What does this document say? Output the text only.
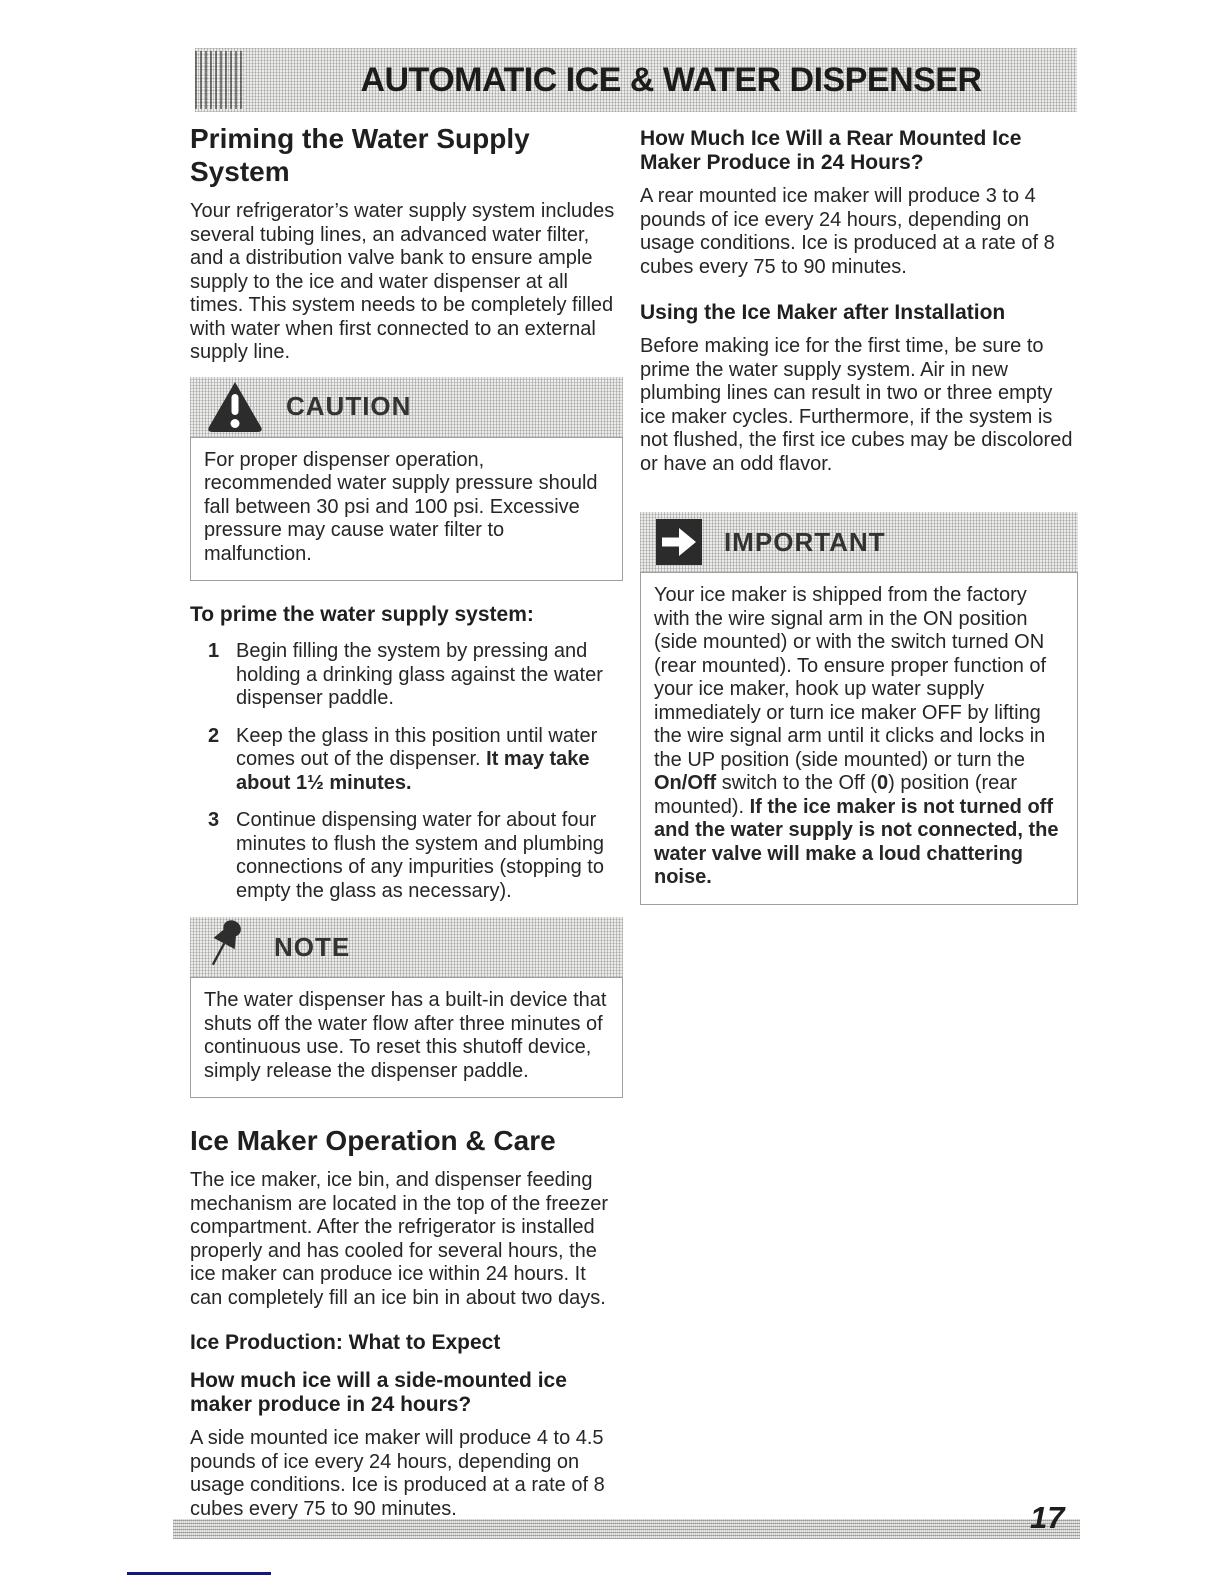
AUTOMATIC ICE & WATER DISPENSER
Priming the Water Supply System

Your refrigerator’s water supply system includes several tubing lines, an advanced water filter, and a distribution valve bank to ensure ample supply to the ice and water dispenser at all times. This system needs to be completely filled with water when first connected to an external supply line.

CAUTION
For proper dispenser operation, recommended water supply pressure should fall between 30 psi and 100 psi. Excessive pressure may cause water filter to malfunction.

To prime the water supply system:

1 Begin filling the system by pressing and holding a drinking glass against the water dispenser paddle.
2 Keep the glass in this position until water comes out of the dispenser. It may take about 1½ minutes.
3 Continue dispensing water for about four minutes to flush the system and plumbing connections of any impurities (stopping to empty the glass as necessary).
NOTE
The water dispenser has a built-in device that shuts off the water flow after three minutes of continuous use. To reset this shutoff device, simply release the dispenser paddle.
Ice Maker Operation & Care

The ice maker, ice bin, and dispenser feeding mechanism are located in the top of the freezer compartment. After the refrigerator is installed properly and has cooled for several hours, the ice maker can produce ice within 24 hours. It can completely fill an ice bin in about two days.

Ice Production: What to Expect
How much ice will a side-mounted ice maker produce in 24 hours?

A side mounted ice maker will produce 4 to 4.5 pounds of ice every 24 hours, depending on usage conditions. Ice is produced at a rate of 8 cubes every 75 to 90 minutes.

How Much Ice Will a Rear Mounted Ice Maker Produce in 24 Hours?

A rear mounted ice maker will produce 3 to 4 pounds of ice every 24 hours, depending on usage conditions. Ice is produced at a rate of 8 cubes every 75 to 90 minutes.

Using the Ice Maker after Installation

Before making ice for the first time, be sure to prime the water supply system. Air in new plumbing lines can result in two or three empty ice maker cycles. Furthermore, if the system is not flushed, the first ice cubes may be discolored or have an odd flavor.

IMPORTANT
Your ice maker is shipped from the factory with the wire signal arm in the ON position (side mounted) or with the switch turned ON (rear mounted). To ensure proper function of your ice maker, hook up water supply immediately or turn ice maker OFF by lifting the wire signal arm until it clicks and locks in the UP position (side mounted) or turn the On/Off switch to the Off (0) position (rear mounted). If the ice maker is not turned off and the water supply is not connected, the water valve will make a loud chattering noise.
17
